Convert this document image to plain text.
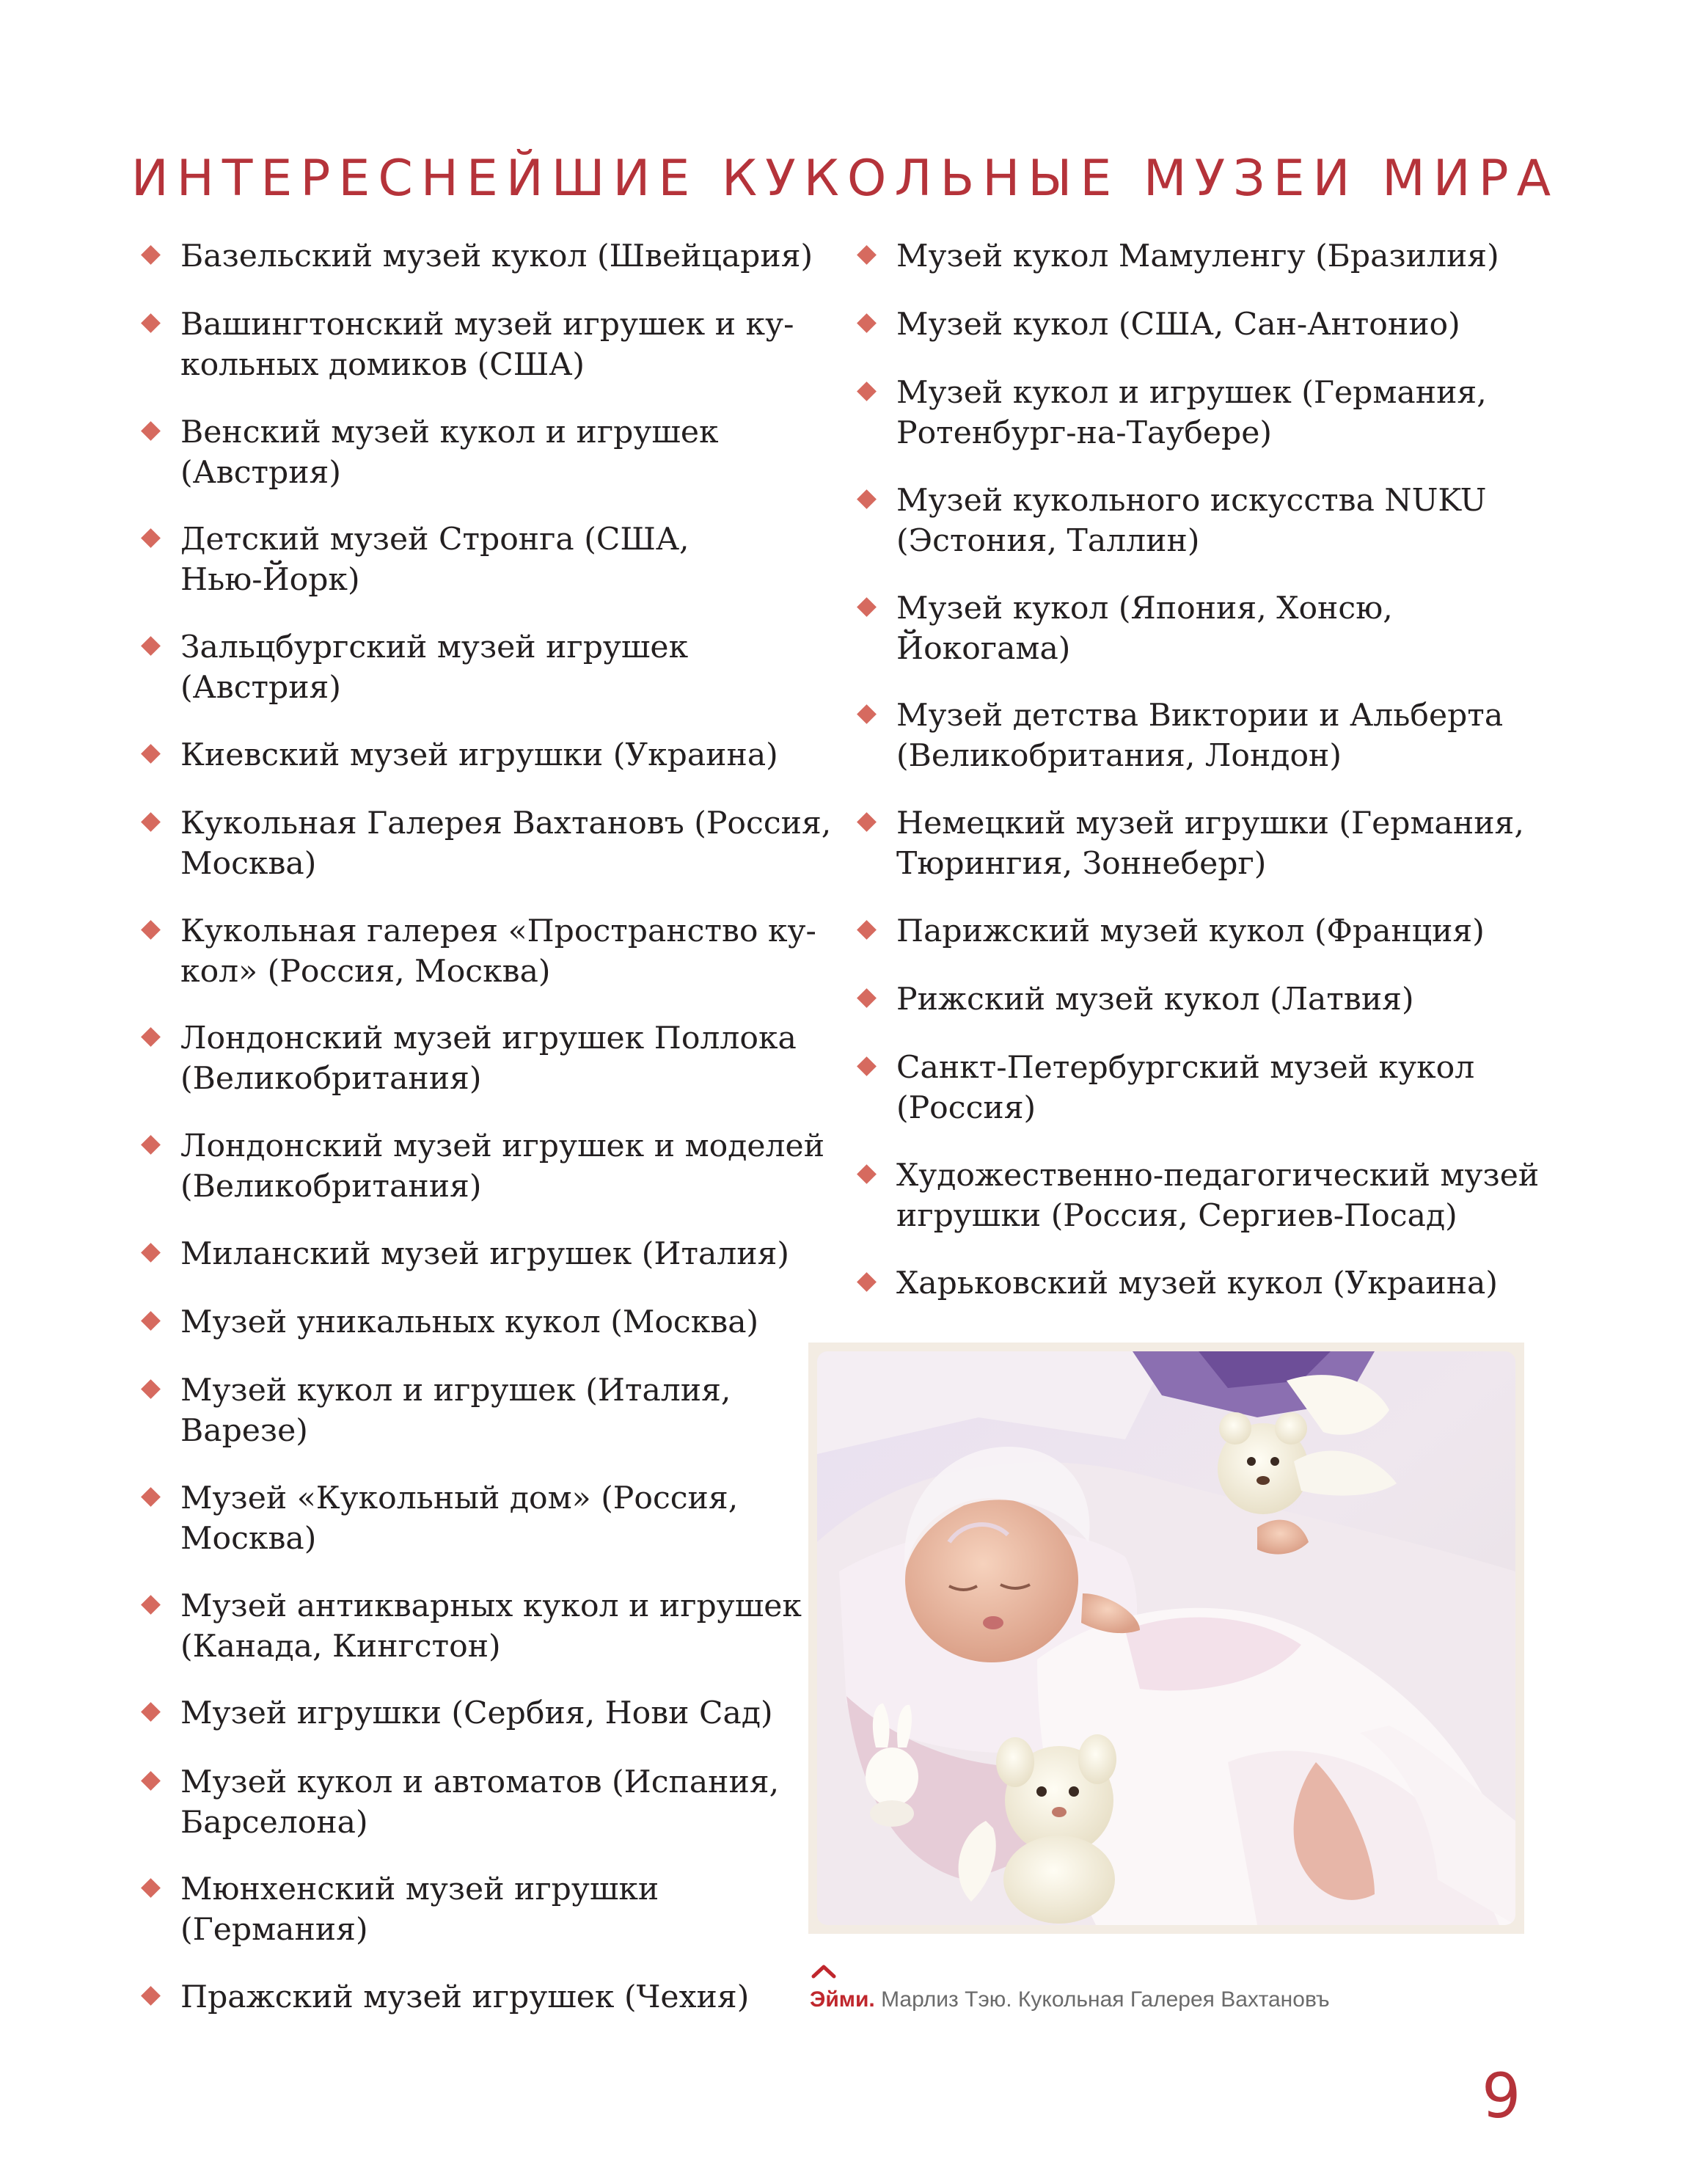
ИНТЕРЕСНЕЙШИЕ КУКОЛЬНЫЕ МУЗЕИ МИРА
Базельский музей кукол (Швейцария)
Вашингтонский музей игрушек и ку-
кольных домиков (США)
Венский музей кукол и игрушек
(Австрия)
Детский музей Стронга (США,
Нью-Йорк)
Зальцбургский музей игрушек
(Австрия)
Киевский музей игрушки (Украина)
Кукольная Галерея Вахтановъ (Россия,
Москва)
Кукольная галерея «Пространство ку-
кол» (Россия, Москва)
Лондонский музей игрушек Поллока
(Великобритания)
Лондонский музей игрушек и моделей
(Великобритания)
Миланский музей игрушек (Италия)
Музей уникальных кукол (Москва)
Музей кукол и игрушек (Италия,
Варезе)
Музей «Кукольный дом» (Россия,
Москва)
Музей антикварных кукол и игрушек
(Канада, Кингстон)
Музей игрушки (Сербия, Нови Сад)
Музей кукол и автоматов (Испания,
Барселона)
Мюнхенский музей игрушки
(Германия)
Пражский музей игрушек (Чехия)
Музей кукол Мамуленгу (Бразилия)
Музей кукол (США, Сан-Антонио)
Музей кукол и игрушек (Германия,
Ротенбург-на-Таубере)
Музей кукольного искусства NUKU
(Эстония, Таллин)
Музей кукол (Япония, Хонсю,
Йокогама)
Музей детства Виктории и Альберта
(Великобритания, Лондон)
Немецкий музей игрушки (Германия,
Тюрингия, Зоннеберг)
Парижский музей кукол (Франция)
Рижский музей кукол (Латвия)
Санкт-Петербургский музей кукол
(Россия)
Художественно-педагогический музей
игрушки (Россия, Сергиев-Посад)
Харьковский музей кукол (Украина)
Эйми. Марлиз Тэю. Кукольная Галерея Вахтановъ
9
